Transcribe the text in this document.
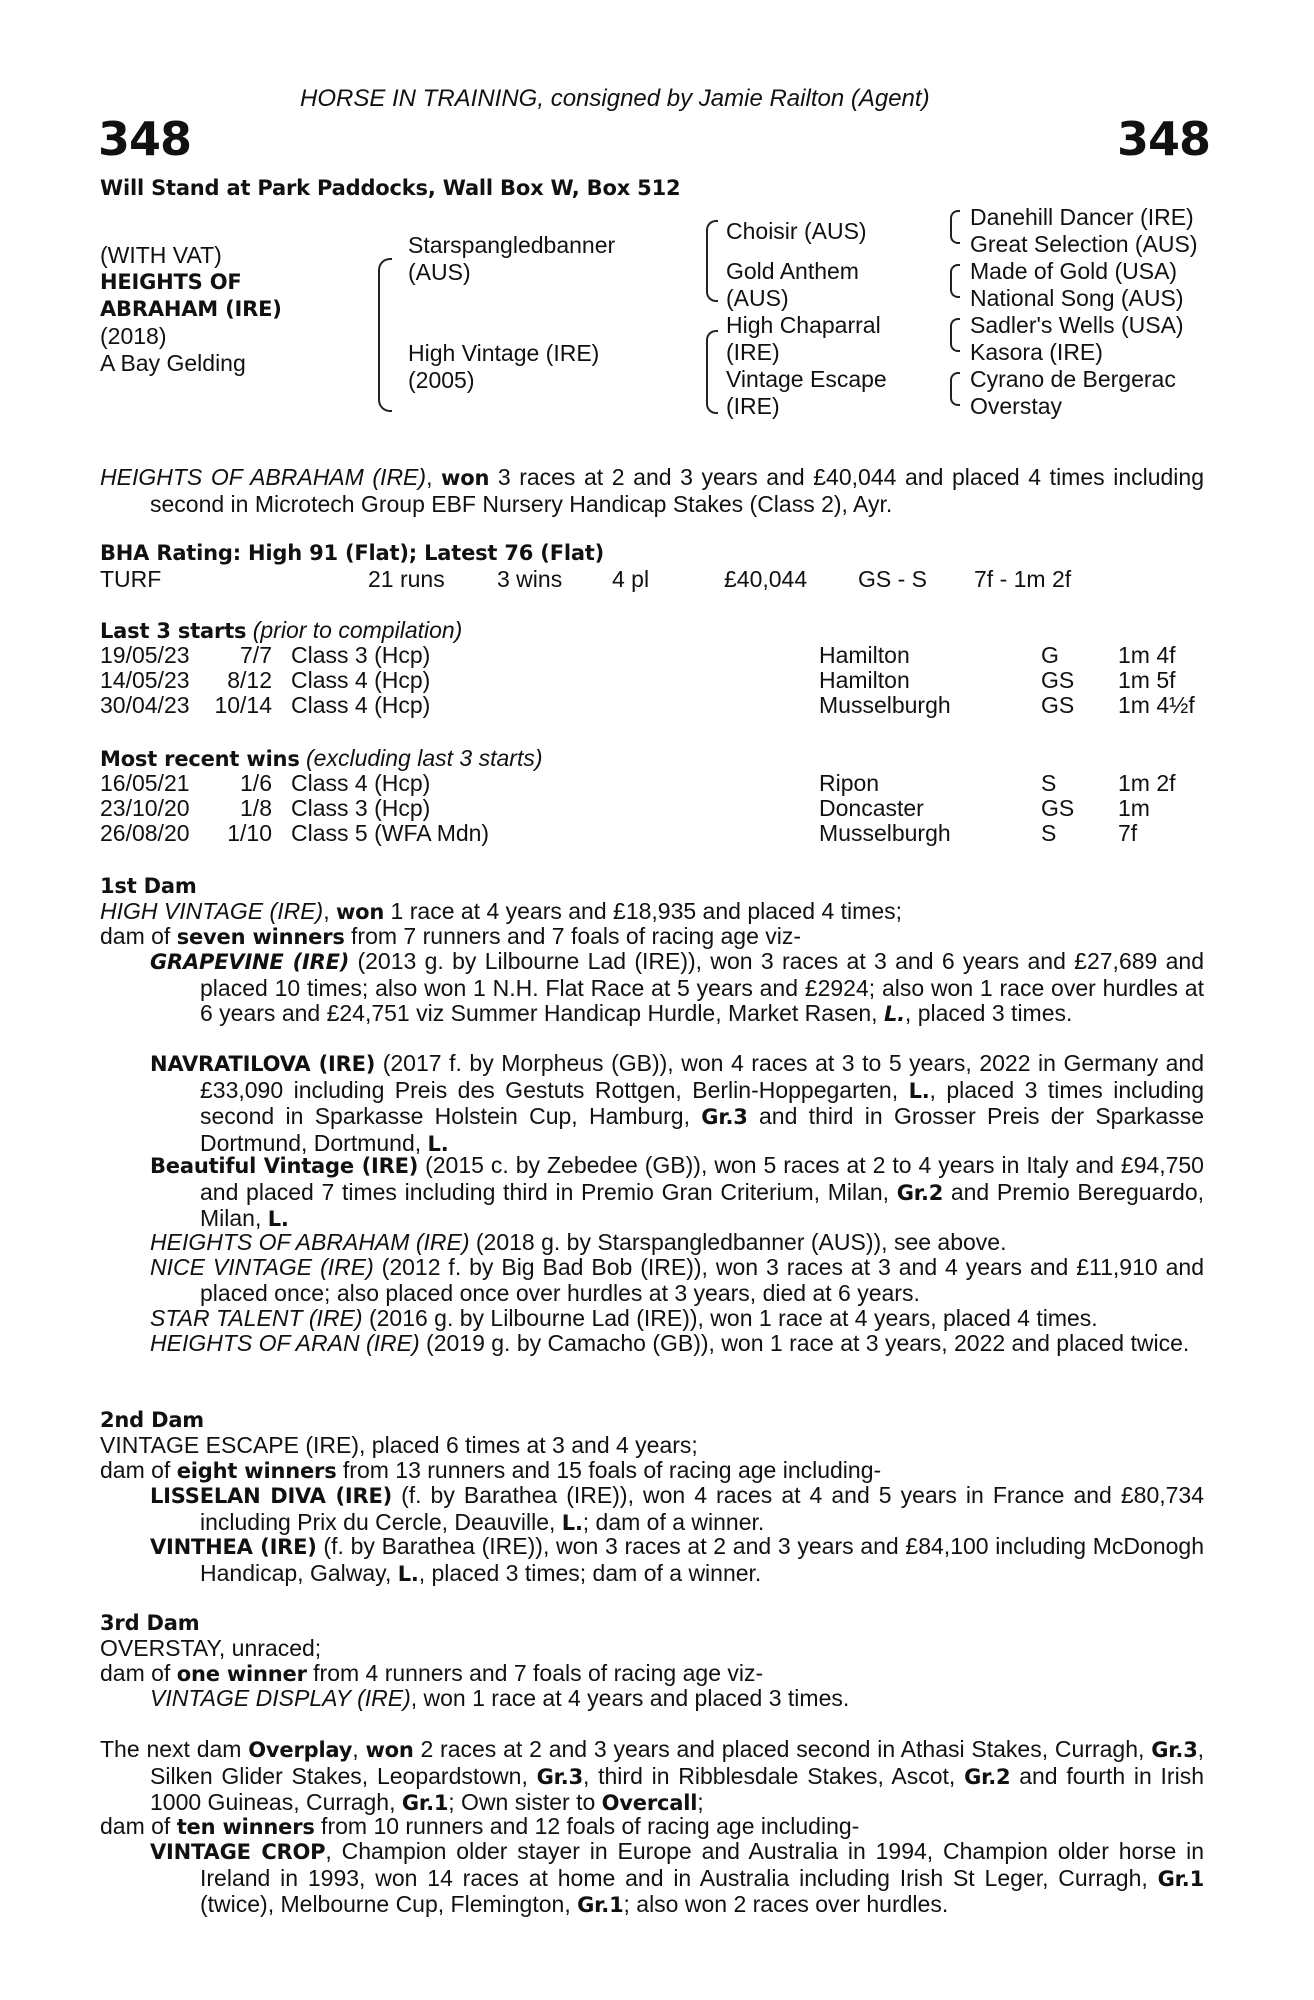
HORSE IN TRAINING, consigned by Jamie Railton (Agent)
348	348
Will Stand at Park Paddocks, Wall Box W, Box 512
(WITH VAT)
HEIGHTS OF
ABRAHAM (IRE)
(2018)
A Bay Gelding
Starspangledbanner
(AUS)
High Vintage (IRE)
(2005)
Choisir (AUS)
Gold Anthem
(AUS)
High Chaparral
(IRE)
Vintage Escape
(IRE)
Danehill Dancer (IRE)
Great Selection (AUS)
Made of Gold (USA)
National Song (AUS)
Sadler's Wells (USA)
Kasora (IRE)
Cyrano de Bergerac
Overstay
HEIGHTS OF ABRAHAM (IRE), won 3 races at 2 and 3 years and £40,044 and placed 4 times including second in Microtech Group EBF Nursery Handicap Stakes (Class 2), Ayr.
BHA Rating: High 91 (Flat); Latest 76 (Flat)
TURF	21 runs 3 wins 4 pl	£40,044 GS - S 7f - 1m 2f
Last 3 starts (prior to compilation)
19/05/23 7/7 Class 3 (Hcp)	Hamilton	G	1m 4f
14/05/23 8/12 Class 4 (Hcp)	Hamilton	GS 1m 5f
30/04/23 10/14 Class 4 (Hcp)	Musselburgh	GS 1m 4½f
Most recent wins (excluding last 3 starts)
16/05/21 1/6 Class 4 (Hcp)	Ripon	S	1m 2f
23/10/20 1/8 Class 3 (Hcp)	Doncaster	GS 1m
26/08/20 1/10 Class 5 (WFA Mdn)	Musselburgh	S	7f
1st Dam
HIGH VINTAGE (IRE), won 1 race at 4 years and £18,935 and placed 4 times;
dam of seven winners from 7 runners and 7 foals of racing age viz-
GRAPEVINE (IRE) (2013 g. by Lilbourne Lad (IRE)), won 3 races at 3 and 6 years and £27,689 and placed 10 times; also won 1 N.H. Flat Race at 5 years and £2924; also won 1 race over hurdles at 6 years and £24,751 viz Summer Handicap Hurdle, Market Rasen, L., placed 3 times.
NAVRATILOVA (IRE) (2017 f. by Morpheus (GB)), won 4 races at 3 to 5 years, 2022 in Germany and £33,090 including Preis des Gestuts Rottgen, Berlin-Hoppegarten, L., placed 3 times including second in Sparkasse Holstein Cup, Hamburg, Gr.3 and third in Grosser Preis der Sparkasse Dortmund, Dortmund, L.
Beautiful Vintage (IRE) (2015 c. by Zebedee (GB)), won 5 races at 2 to 4 years in Italy and £94,750 and placed 7 times including third in Premio Gran Criterium, Milan, Gr.2 and Premio Bereguardo, Milan, L.
HEIGHTS OF ABRAHAM (IRE) (2018 g. by Starspangledbanner (AUS)), see above.
NICE VINTAGE (IRE) (2012 f. by Big Bad Bob (IRE)), won 3 races at 3 and 4 years and £11,910 and placed once; also placed once over hurdles at 3 years, died at 6 years.
STAR TALENT (IRE) (2016 g. by Lilbourne Lad (IRE)), won 1 race at 4 years, placed 4 times.
HEIGHTS OF ARAN (IRE) (2019 g. by Camacho (GB)), won 1 race at 3 years, 2022 and placed twice.
2nd Dam
VINTAGE ESCAPE (IRE), placed 6 times at 3 and 4 years;
dam of eight winners from 13 runners and 15 foals of racing age including-
LISSELAN DIVA (IRE) (f. by Barathea (IRE)), won 4 races at 4 and 5 years in France and £80,734 including Prix du Cercle, Deauville, L.; dam of a winner.
VINTHEA (IRE) (f. by Barathea (IRE)), won 3 races at 2 and 3 years and £84,100 including McDonogh Handicap, Galway, L., placed 3 times; dam of a winner.
3rd Dam
OVERSTAY, unraced;
dam of one winner from 4 runners and 7 foals of racing age viz-
VINTAGE DISPLAY (IRE), won 1 race at 4 years and placed 3 times.
The next dam Overplay, won 2 races at 2 and 3 years and placed second in Athasi Stakes, Curragh, Gr.3, Silken Glider Stakes, Leopardstown, Gr.3, third in Ribblesdale Stakes, Ascot, Gr.2 and fourth in Irish 1000 Guineas, Curragh, Gr.1; Own sister to Overcall;
dam of ten winners from 10 runners and 12 foals of racing age including-
VINTAGE CROP, Champion older stayer in Europe and Australia in 1994, Champion older horse in Ireland in 1993, won 14 races at home and in Australia including Irish St Leger, Curragh, Gr.1 (twice), Melbourne Cup, Flemington, Gr.1; also won 2 races over hurdles.
